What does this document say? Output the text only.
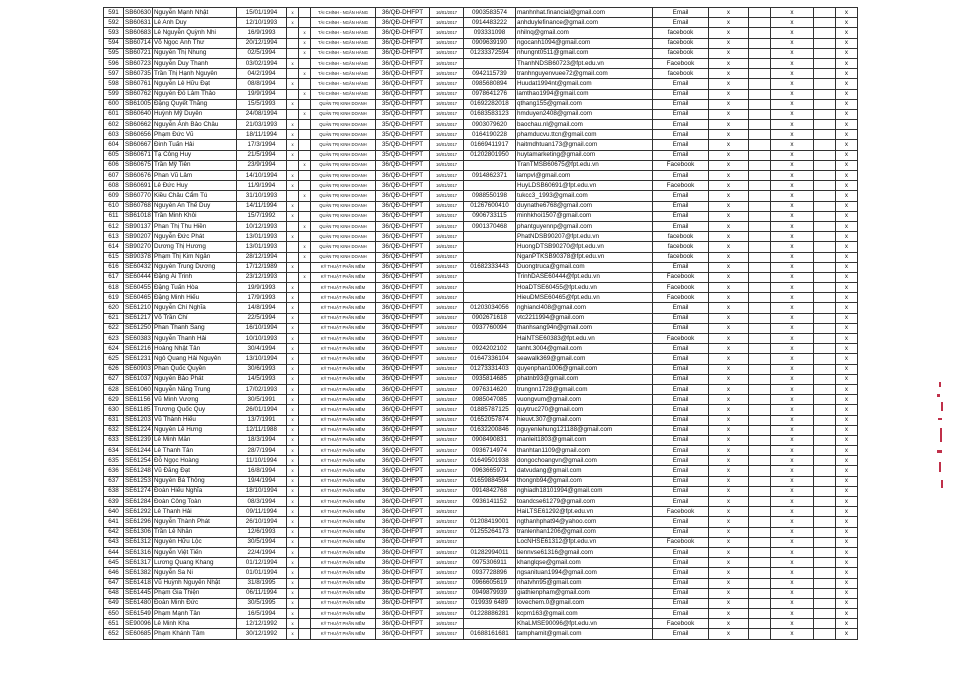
591	SB60630	Nguyễn Mạnh Nhật	15/01/1994	x		TÀI CHÍNH - NGÂN HÀNG	36/QĐ-DHFPT	16/01/2017	0903583574	manhnhat.financial@gmail.com	Email	x		x		x
592	SB60631	Lê Anh Duy	12/10/1993	x		TÀI CHÍNH - NGÂN HÀNG	36/QĐ-DHFPT	16/01/2017	0914483222	anhduylefinance@gmail.com	Email	x		x		x
593	SB60683	Lê Nguyễn Quỳnh Nhi	16/9/1993		x	TÀI CHÍNH - NGÂN HÀNG	36/QĐ-DHFPT	16/01/2017	093331098	nhilnq@gmail.com	facebook	x		x		x
594	SB60714	Võ Ngọc Ánh Thư	20/12/1994		x	TÀI CHÍNH - NGÂN HÀNG	36/QĐ-DHFPT	16/01/2017	0909639190	ngocanh1094@gmail.com	facebook	x		x		x
595	SB60721	Nguyễn Thị Nhung	02/5/1994		x	TÀI CHÍNH - NGÂN HÀNG	36/QĐ-DHFPT	16/01/2017	01233372594	nhungnt0511@gmail.com	facebook	x		x		x
596	SB60723	Nguyễn Duy Thanh	03/02/1994	x		TÀI CHÍNH - NGÂN HÀNG	36/QĐ-DHFPT	16/01/2017		ThanhNDSB60723@fpt.edu.vn	Facebook	x		x		x
597	SB60735	Trần Thị Hạnh Nguyên	04/2/1994		x	TÀI CHÍNH - NGÂN HÀNG	36/QĐ-DHFPT	16/01/2017	0942115739	tranhnguyenvuee72@gmail.com	facebook	x		x		x
598	SB60761	Nguyễn Lê Hữu Đạt	08/8/1994	x		TÀI CHÍNH - NGÂN HÀNG	36/QĐ-DHFPT	16/01/2017	0985680894	Huudat1994nt@gmail.com	Email	x		x		x
599	SB60762	Nguyễn Đỗ Lâm Thảo	19/9/1994		x	TÀI CHÍNH - NGÂN HÀNG	36/QĐ-DHFPT	16/01/2017	0978641276	lamthao1994@gmail.com	Email	x		x		x
600	SB61005	Đặng Quyết Thắng	15/5/1993	x		QUẢN TRỊ KINH DOANH	35/QĐ-DHFPT	16/01/2017	01692282018	qthang155@gmail.com	Email	x		x		x
601	SB60640	Huỳnh Mỹ Duyên	24/08/1994		x	QUẢN TRỊ KINH DOANH	35/QĐ-DHFPT	16/01/2017	01683583123	hmduyen2408@gmail.com	Email	x		x		x
602	SB60662	Nguyễn Ánh Bảo Châu	21/03/1993	x		QUẢN TRỊ KINH DOANH	35/QĐ-DHFPT	16/01/2017	0903079620	baochau.nl@gmail.com	Email	x		x		x
603	SB60656	Phạm Đức Vũ	18/11/1994	x		QUẢN TRỊ KINH DOANH	35/QĐ-DHFPT	16/01/2017	0164190228	phamducvu.ttcn@gmail.com	Email	x		x		x
604	SB60667	Đinh Tuấn Hải	17/3/1994	x		QUẢN TRỊ KINH DOANH	35/QĐ-DHFPT	16/01/2017	01669411917	haitmdhtuan173@gmail.com	Email	x		x		x
605	SB60671	Tạ Công Huy	21/5/1994	x		QUẢN TRỊ KINH DOANH	35/QĐ-DHFPT	16/01/2017	01202801950	huytamarketing@gmail.com	Email	x		x		x
606	SB60675	Trần Mỹ Tiên	23/9/1994		x	QUẢN TRỊ KINH DOANH	36/QĐ-DHFPT	16/01/2017		TranTMSB60675@fpt.edu.vn	Facebook	x		x		x
607	SB60676	Phan Vũ Lâm	14/10/1994	x		QUẢN TRỊ KINH DOANH	36/QĐ-DHFPT	16/01/2017	0914862371	lampvl@gmail.com	Email	x		x		x
608	SB60691	Lê Đức Huy	11/9/1994	x		QUẢN TRỊ KINH DOANH	36/QĐ-DHFPT	16/01/2017		HuyLDSB60691@fpt.edu.vn	Facebook	x		x		x
609	SB60770	Kiều Châu Cẩm Tú	31/10/1993		x	QUẢN TRỊ KINH DOANH	36/QĐ-DHFPT	16/01/2017	0988550198	tukcc3_1993@gmail.com	Email	x		x		x
610	SB60768	Nguyễn An Thế Duy	14/11/1994	x		QUẢN TRỊ KINH DOANH	36/QĐ-DHFPT	16/01/2017	01267600410	duynathe6768@gmail.com	Email	x		x		x
611	SB61018	Trần Minh Khôi	15/7/1992	x		QUẢN TRỊ KINH DOANH	36/QĐ-DHFPT	16/01/2017	0906733115	minhkhoi1507@gmail.com	Email	x		x		x
612	SB90137	Phan Thị Thu Hiền	10/12/1993		x	QUẢN TRỊ KINH DOANH	36/QĐ-DHFPT	16/01/2017	0901370468	phantguyennp@gmail.com	Email	x		x		x
613	SB90207	Nguyễn Đức Phát	13/01/1993	x		QUẢN TRỊ KINH DOANH	36/QĐ-DHFPT	16/01/2017		PhatNDSB90207@fpt.edu.vn	facebook	x		x		x
614	SB90270	Dương Thị Hương	13/01/1993		x	QUẢN TRỊ KINH DOANH	36/QĐ-DHFPT	16/01/2017		HuongDTSB90270@fpt.edu.vn	facebook	x		x		x
615	SB90378	Phạm Thị Kim Ngân	28/12/1994		x	QUẢN TRỊ KINH DOANH	36/QĐ-DHFPT	16/01/2017		NganPTKSB90378@fpt.edu.vn	facebook	x		x		x
616	SE60432	Nguyễn Trung Dương	17/12/1989	x		KỸ THUẬT PHẦN MỀM	36/QĐ-DHFPT	16/01/2017	01682333443	Duongtruca@gmail.com	Email	x		x		x
617	SE60444	Đặng Ái Trinh	23/12/1993		x	KỸ THUẬT PHẦN MỀM	36/QĐ-DHFPT	16/01/2017		TrinhDASE60444@fpt.edu.vn	Facebook	x		x		x
618	SE60455	Đặng Tuấn Hòa	19/9/1993	x		KỸ THUẬT PHẦN MỀM	36/QĐ-DHFPT	16/01/2017		HoaDTSE60455@fpt.edu.vn	Facebook	x		x		x
619	SE60465	Đặng Minh Hiếu	17/9/1993	x		KỸ THUẬT PHẦN MỀM	36/QĐ-DHFPT	16/01/2017		HieuDMSE60465@fpt.edu.vn	Facebook	x		x		x
620	SE61210	Nguyễn Chí Nghĩa	14/8/1994	x		KỸ THUẬT PHẦN MỀM	36/QĐ-DHFPT	16/01/2017	01203034056	nghiancl408@gmail.com	Email	x		x		x
621	SE61217	Võ Trần Chí	22/5/1994	x		KỸ THUẬT PHẦN MỀM	36/QĐ-DHFPT	16/01/2017	0902671618	vtc2211994@gmail.com	Email	x		x		x
622	SE61250	Phan Thanh Sang	16/10/1994	x		KỸ THUẬT PHẦN MỀM	36/QĐ-DHFPT	16/01/2017	0937760094	thanhsang94n@gmail.com	Email	x		x		x
623	SE60383	Nguyễn Thanh Hải	10/10/1993	x		KỸ THUẬT PHẦN MỀM	36/QĐ-DHFPT	16/01/2017		HaiNTSE60383@fpt.edu.vn	Facebook	x		x		x
624	SE61216	Hoàng Nhật Tân	30/4/1994	x		KỸ THUẬT PHẦN MỀM	36/QĐ-DHFPT	16/01/2017	0924202102	tanht.3004@gmail.com	Email	x		x		x
625	SE61231	Ngô Quang Hải Nguyên	13/10/1994	x		KỸ THUẬT PHẦN MỀM	36/QĐ-DHFPT	16/01/2017	01647336104	seawalk369@gmail.com	Email	x		x		x
626	SE60903	Phan Quốc Quyền	30/6/1993	x		KỸ THUẬT PHẦN MỀM	36/QĐ-DHFPT	16/01/2017	01273331403	quyenphan1006@gmail.com	Email	x		x		x
627	SE61037	Nguyễn Bảo Phát	14/5/1993	x		KỸ THUẬT PHẦN MỀM	36/QĐ-DHFPT	16/01/2017	0935814685	phatnb93@gmail.com	Email	x		x		x
628	SE61060	Nguyễn Năng Trung	17/02/1993	x		KỸ THUẬT PHẦN MỀM	36/QĐ-DHFPT	16/01/2017	0976314620	trungnn1728@gmail.com	Email	x		x		x
629	SE61156	Vũ Minh Vương	30/5/1991	x		KỸ THUẬT PHẦN MỀM	36/QĐ-DHFPT	16/01/2017	0985047085	vuongvum@gmail.com	Email	x		x		x
630	SE61185	Trương Quốc Quy	26/01/1994	x		KỸ THUẬT PHẦN MỀM	36/QĐ-DHFPT	16/01/2017	01885787125	quytruc270@gmail.com	Email	x		x		x
631	SE61203	Vũ Thành Hiếu	13/7/1991	x		KỸ THUẬT PHẦN MỀM	36/QĐ-DHFPT	16/01/2017	01652057874	hieuvt.307@gmail.com	Email	x		x		x
632	SE61224	Nguyễn Lê Hưng	12/11/1988	x		KỸ THUẬT PHẦN MỀM	36/QĐ-DHFPT	16/01/2017	01632200846	nguyenlehung121188@gmail.com	Email	x		x		x
633	SE61239	Lê Minh Mẫn	18/3/1994	x		KỸ THUẬT PHẦN MỀM	36/QĐ-DHFPT	16/01/2017	0908490831	manleit1803@gmail.com	Email	x		x		x
634	SE61244	Lê Thanh Tân	28/7/1994	x		KỸ THUẬT PHẦN MỀM	36/QĐ-DHFPT	16/01/2017	0936714974	thanhtan1109@gmail.com	Email	x		x		x
635	SE61254	Đỗ Ngọc Hoàng	11/10/1994	x		KỸ THUẬT PHẦN MỀM	36/QĐ-DHFPT	16/01/2017	01649501938	dongochoangvn@gmail.com	Email	x		x		x
636	SE61248	Vũ Đăng Đạt	16/8/1994	x		KỸ THUẬT PHẦN MỀM	36/QĐ-DHFPT	16/01/2017	0963665971	datvudang@gmail.com	Email	x		x		x
637	SE61253	Nguyễn Bá Thông	19/4/1994	x		KỸ THUẬT PHẦN MỀM	36/QĐ-DHFPT	16/01/2017	01659884594	thongnb94@gmail.com	Email	x		x		x
638	SE61274	Đoàn Hiếu Nghĩa	18/10/1994	x		KỸ THUẬT PHẦN MỀM	36/QĐ-DHFPT	16/01/2017	0914842768	nghiadh18101994@gmail.com	Email	x		x		x
639	SE61284	Đoàn Công Toàn	08/3/1994	x		KỸ THUẬT PHẦN MỀM	36/QĐ-DHFPT	16/01/2017	0936141152	toandcse61279@gmail.com	Email	x		x		x
640	SE61292	Lê Thanh Hải	09/11/1994	x		KỸ THUẬT PHẦN MỀM	36/QĐ-DHFPT	16/01/2017		HaiLTSE61292@fpt.edu.vn	Facebook	x		x		x
641	SE61296	Nguyễn Thành Phát	26/10/1994	x		KỸ THUẬT PHẦN MỀM	36/QĐ-DHFPT	16/01/2017	01208419001	ngthanhphat94@yahoo.com	Email	x		x		x
642	SE61306	Trần Lê Nhân	12/6/1993	x		KỸ THUẬT PHẦN MỀM	36/QĐ-DHFPT	16/01/2017	01255264173	tranlenhan1206@gmail.com	Email	x		x		x
643	SE61312	Nguyễn Hữu Lộc	30/5/1994	x		KỸ THUẬT PHẦN MỀM	36/QĐ-DHFPT	16/01/2017		LocNHSE61312@fpt.edu.vn	Facebook	x		x		x
644	SE61316	Nguyễn Việt Tiến	22/4/1994	x		KỸ THUẬT PHẦN MỀM	36/QĐ-DHFPT	16/01/2017	01282994011	tiennvse61316@gmail.com	Email	x		x		x
645	SE61317	Lương Quang Khang	01/12/1994	x		KỸ THUẬT PHẦN MỀM	36/QĐ-DHFPT	16/01/2017	0975306911	khanglqse@gmail.com	Email	x		x		x
646	SE61382	Nguyễn Sa Ni	01/01/1994	x		KỸ THUẬT PHẦN MỀM	36/QĐ-DHFPT	16/01/2017	0937728896	ngsanituan1994@gmail.com	Email	x		x		x
647	SE61418	Vũ Huỳnh Nguyên Nhật	31/8/1995	x		KỸ THUẬT PHẦN MỀM	36/QĐ-DHFPT	16/01/2017	0966605619	nhatvhn95@gmail.com	Email	x		x		x
648	SE61445	Phạm Gia Thiện	06/11/1994	x		KỸ THUẬT PHẦN MỀM	36/QĐ-DHFPT	16/01/2017	0949879939	giathienpham@gmail.com	Email	x		x		x
649	SE61480	Đoàn Minh Đức	30/5/1995	x		KỸ THUẬT PHẦN MỀM	36/QĐ-DHFPT	16/01/2017	019939 6489	lovechem.0@gmail.com	Email	x		x		x
650	SE61549	Phạm Mạnh Tân	16/5/1994	x		KỸ THUẬT PHẦN MỀM	36/QĐ-DHFPT	16/01/2017	01228886281	kcpm163@gmail.com	Email	x		x		x
651	SE90096	Lê Minh Kha	12/12/1992	x		KỸ THUẬT PHẦN MỀM	36/QĐ-DHFPT	16/01/2017		KhaLMSE90096@fpt.edu.vn	Facebook	x		x		x
652	SE60685	Phạm Khánh Tâm	30/12/1992	x		KỸ THUẬT PHẦN MỀM	36/QĐ-DHFPT	16/01/2017	01688161681	tamphamit@gmail.com	Email	x		x		x
